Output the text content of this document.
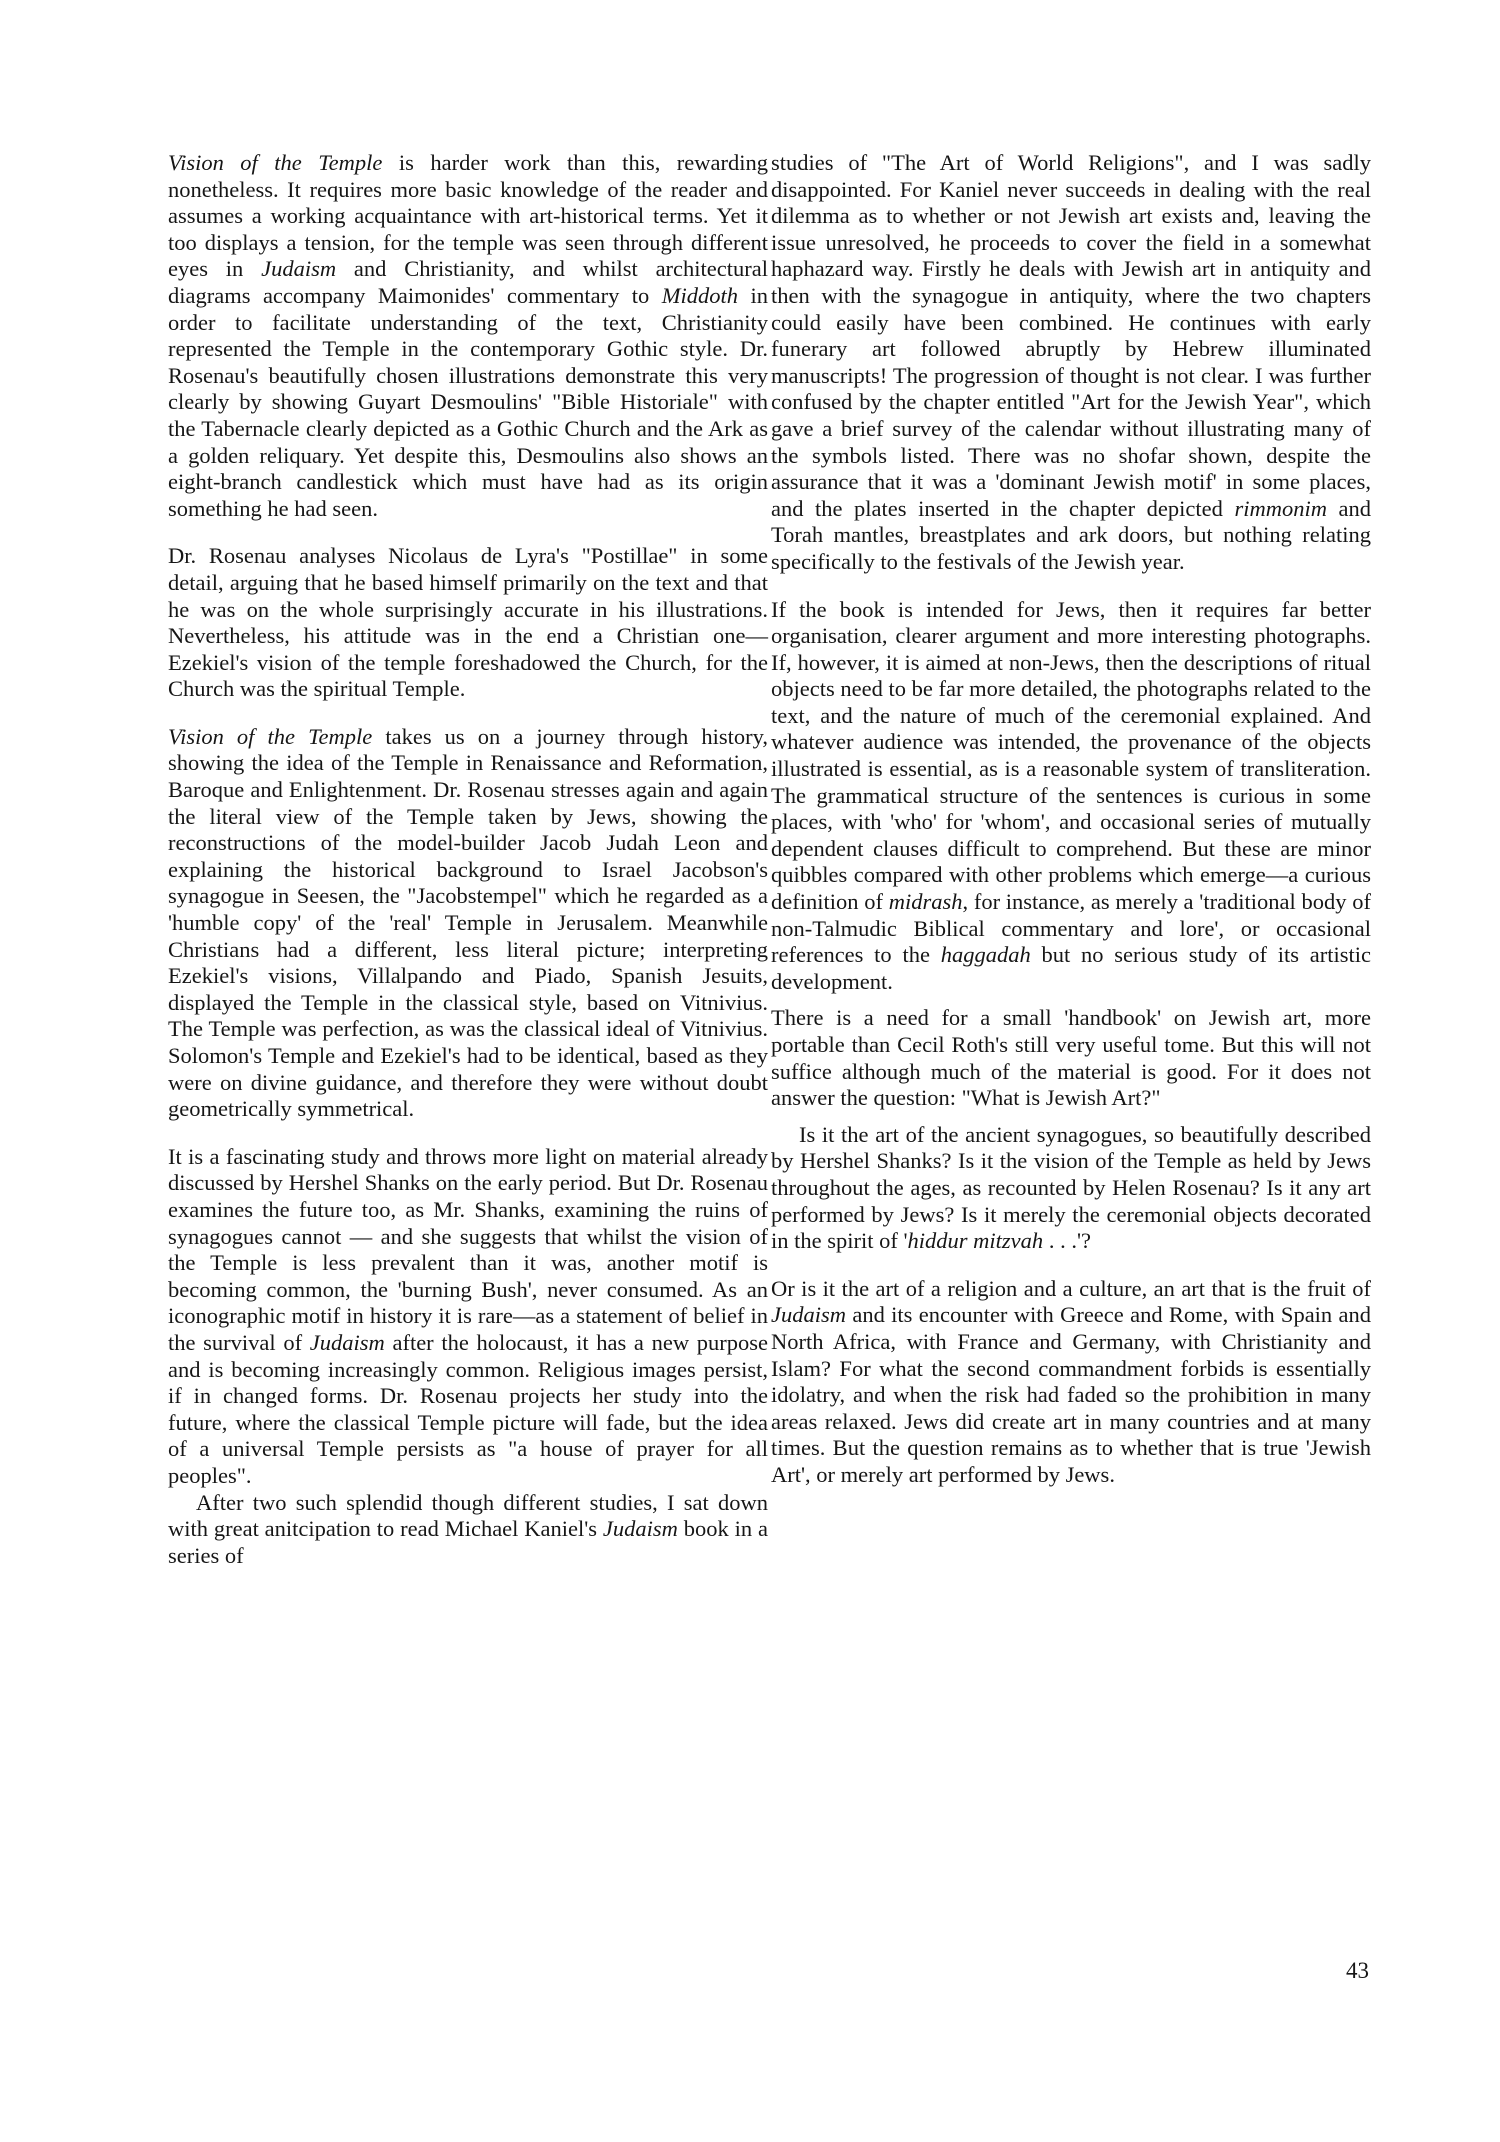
Vision of the Temple is harder work than this, rewarding nonetheless. It requires more basic knowledge of the reader and assumes a working acquaintance with art-historical terms. Yet it too displays a tension, for the temple was seen through different eyes in Judaism and Christianity, and whilst architectural diagrams accompany Maimonides' commentary to Middoth in order to facilitate understanding of the text, Christianity represented the Temple in the contemporary Gothic style. Dr. Rosenau's beautifully chosen illustrations demonstrate this very clearly by showing Guyart Desmoulins' "Bible Historiale" with the Tabernacle clearly depicted as a Gothic Church and the Ark as a golden reliquary. Yet despite this, Desmoulins also shows an eight-branch candlestick which must have had as its origin something he had seen.

Dr. Rosenau analyses Nicolaus de Lyra's "Postillae" in some detail, arguing that he based himself primarily on the text and that he was on the whole surprisingly accurate in his illustrations. Nevertheless, his attitude was in the end a Christian one—Ezekiel's vision of the temple foreshadowed the Church, for the Church was the spiritual Temple.

Vision of the Temple takes us on a journey through history, showing the idea of the Temple in Renaissance and Reformation, Baroque and Enlightenment. Dr. Rosenau stresses again and again the literal view of the Temple taken by Jews, showing the reconstructions of the model-builder Jacob Judah Leon and explaining the historical background to Israel Jacobson's synagogue in Seesen, the "Jacobstempel" which he regarded as a 'humble copy' of the 'real' Temple in Jerusalem. Meanwhile Christians had a different, less literal picture; interpreting Ezekiel's visions, Villalpando and Piado, Spanish Jesuits, displayed the Temple in the classical style, based on Vitnivius. The Temple was perfection, as was the classical ideal of Vitnivius. Solomon's Temple and Ezekiel's had to be identical, based as they were on divine guidance, and therefore they were without doubt geometrically symmetrical.

It is a fascinating study and throws more light on material already discussed by Hershel Shanks on the early period. But Dr. Rosenau examines the future too, as Mr. Shanks, examining the ruins of synagogues cannot — and she suggests that whilst the vision of the Temple is less prevalent than it was, another motif is becoming common, the 'burning Bush', never consumed. As an iconographic motif in history it is rare—as a statement of belief in the survival of Judaism after the holocaust, it has a new purpose and is becoming increasingly common. Religious images persist, if in changed forms. Dr. Rosenau projects her study into the future, where the classical Temple picture will fade, but the idea of a universal Temple persists as "a house of prayer for all peoples".

After two such splendid though different studies, I sat down with great anitcipation to read Michael Kaniel's Judaism book in a series of

studies of "The Art of World Religions", and I was sadly disappointed. For Kaniel never succeeds in dealing with the real dilemma as to whether or not Jewish art exists and, leaving the issue unresolved, he proceeds to cover the field in a somewhat haphazard way. Firstly he deals with Jewish art in antiquity and then with the synagogue in antiquity, where the two chapters could easily have been combined. He continues with early funerary art followed abruptly by Hebrew illuminated manuscripts! The progression of thought is not clear. I was further confused by the chapter entitled "Art for the Jewish Year", which gave a brief survey of the calendar without illustrating many of the symbols listed. There was no shofar shown, despite the assurance that it was a 'dominant Jewish motif' in some places, and the plates inserted in the chapter depicted rimmonim and Torah mantles, breastplates and ark doors, but nothing relating specifically to the festivals of the Jewish year.

If the book is intended for Jews, then it requires far better organisation, clearer argument and more interesting photographs. If, however, it is aimed at non-Jews, then the descriptions of ritual objects need to be far more detailed, the photographs related to the text, and the nature of much of the ceremonial explained. And whatever audience was intended, the provenance of the objects illustrated is essential, as is a reasonable system of transliteration. The grammatical structure of the sentences is curious in some places, with 'who' for 'whom', and occasional series of mutually dependent clauses difficult to comprehend. But these are minor quibbles compared with other problems which emerge—a curious definition of midrash, for instance, as merely a 'traditional body of non-Talmudic Biblical commentary and lore', or occasional references to the haggadah but no serious study of its artistic development.

There is a need for a small 'handbook' on Jewish art, more portable than Cecil Roth's still very useful tome. But this will not suffice although much of the material is good. For it does not answer the question: "What is Jewish Art?"

Is it the art of the ancient synagogues, so beautifully described by Hershel Shanks? Is it the vision of the Temple as held by Jews throughout the ages, as recounted by Helen Rosenau? Is it any art performed by Jews? Is it merely the ceremonial objects decorated in the spirit of 'hiddur mitzvah . . .'?

Or is it the art of a religion and a culture, an art that is the fruit of Judaism and its encounter with Greece and Rome, with Spain and North Africa, with France and Germany, with Christianity and Islam? For what the second commandment forbids is essentially idolatry, and when the risk had faded so the prohibition in many areas relaxed. Jews did create art in many countries and at many times. But the question remains as to whether that is true 'Jewish Art', or merely art performed by Jews.

43
